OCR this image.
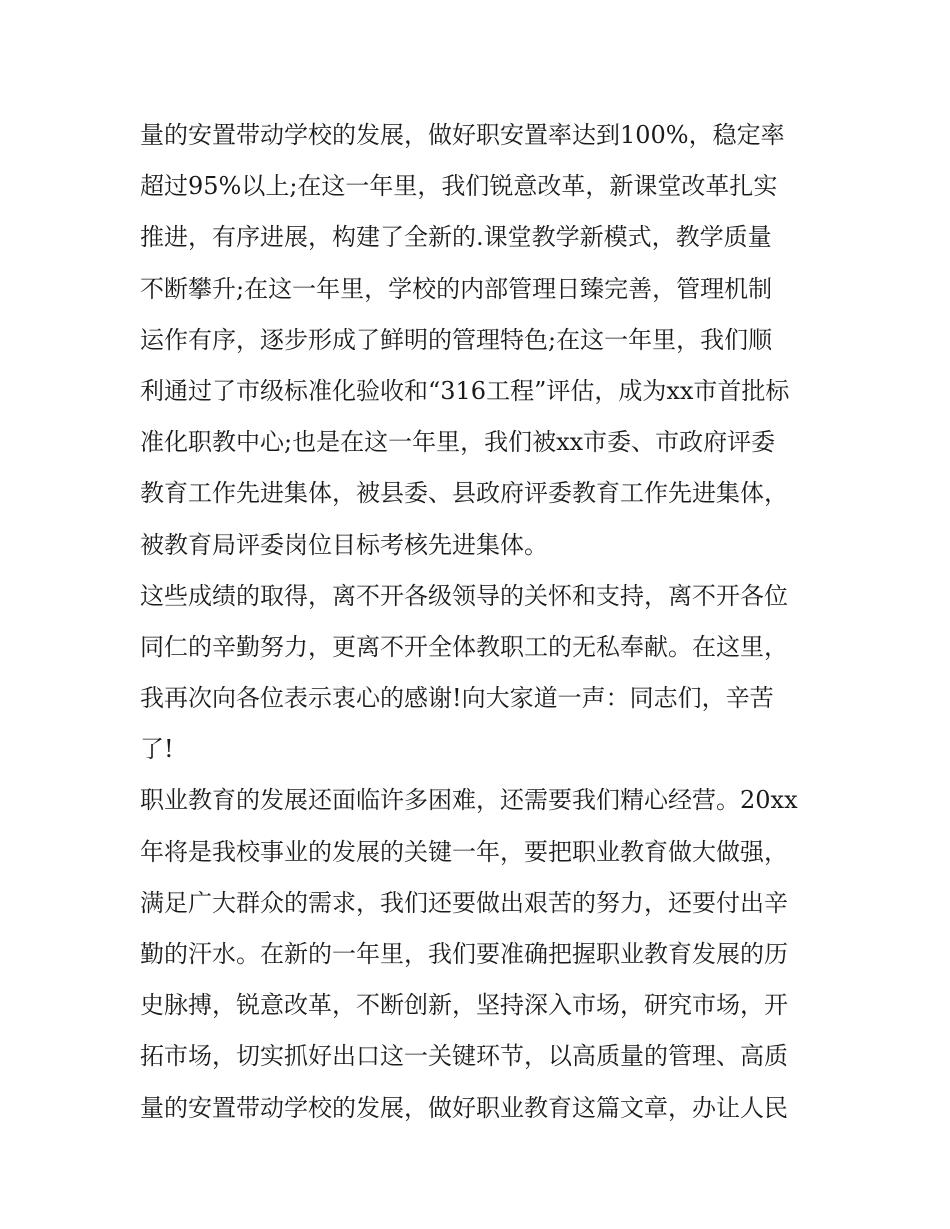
量的安置带动学校的发展，做好职安置率达到100%，稳定率
超过95%以上;在这一年里，我们锐意改革，新课堂改革扎实
推进，有序进展，构建了全新的.课堂教学新模式，教学质量
不断攀升;在这一年里，学校的内部管理日臻完善，管理机制
运作有序，逐步形成了鲜明的管理特色;在这一年里，我们顺
利通过了市级标准化验收和“316工程”评估，成为xx市首批标
准化职教中心;也是在这一年里，我们被xx市委、市政府评委
教育工作先进集体，被县委、县政府评委教育工作先进集体，
被教育局评委岗位目标考核先进集体。
这些成绩的取得，离不开各级领导的关怀和支持，离不开各位
同仁的辛勤努力，更离不开全体教职工的无私奉献。在这里，
我再次向各位表示衷心的感谢!向大家道一声：同志们，辛苦
了!
职业教育的发展还面临许多困难，还需要我们精心经营。20xx
年将是我校事业的发展的关键一年，要把职业教育做大做强，
满足广大群众的需求，我们还要做出艰苦的努力，还要付出辛
勤的汗水。在新的一年里，我们要准确把握职业教育发展的历
史脉搏，锐意改革，不断创新，坚持深入市场，研究市场，开
拓市场，切实抓好出口这一关键环节，以高质量的管理、高质
量的安置带动学校的发展，做好职业教育这篇文章，办让人民
